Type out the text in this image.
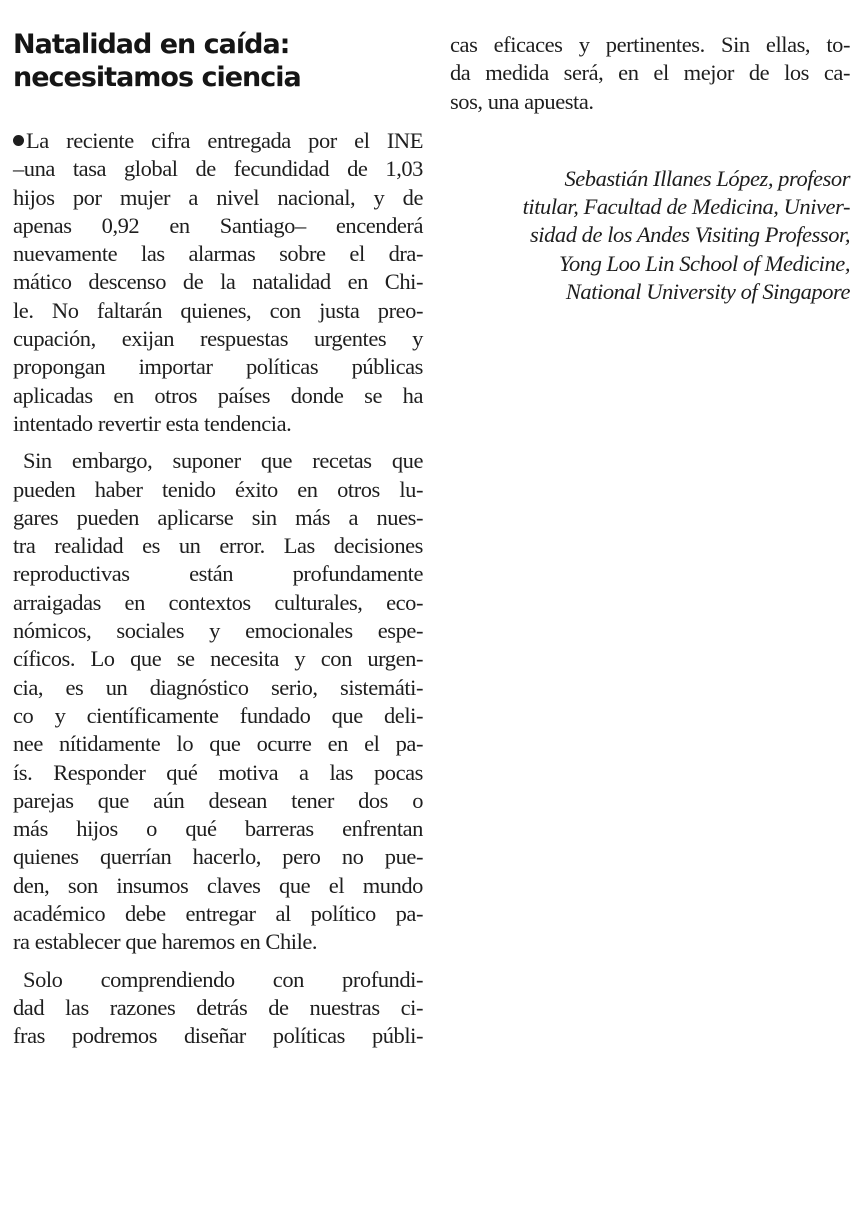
Natalidad en caída:
necesitamos ciencia
La reciente cifra entregada por el INE
–una tasa global de fecundidad de 1,03
hijos por mujer a nivel nacional, y de
apenas 0,92 en Santiago– encenderá
nuevamente las alarmas sobre el dra-
mático descenso de la natalidad en Chi-
le. No faltarán quienes, con justa preo-
cupación, exijan respuestas urgentes y
propongan importar políticas públicas
aplicadas en otros países donde se ha
intentado revertir esta tendencia.
Sin embargo, suponer que recetas que
pueden haber tenido éxito en otros lu-
gares pueden aplicarse sin más a nues-
tra realidad es un error. Las decisiones
reproductivas están profundamente
arraigadas en contextos culturales, eco-
nómicos, sociales y emocionales espe-
cíficos. Lo que se necesita y con urgen-
cia, es un diagnóstico serio, sistemáti-
co y científicamente fundado que deli-
nee nítidamente lo que ocurre en el pa-
ís. Responder qué motiva a las pocas
parejas que aún desean tener dos o
más hijos o qué barreras enfrentan
quienes querrían hacerlo, pero no pue-
den, son insumos claves que el mundo
académico debe entregar al político pa-
ra establecer que haremos en Chile.
Solo comprendiendo con profundi-
dad las razones detrás de nuestras ci-
fras podremos diseñar políticas públi-
cas eficaces y pertinentes. Sin ellas, to-
da medida será, en el mejor de los ca-
sos, una apuesta.
Sebastián Illanes López, profesor
titular, Facultad de Medicina, Univer-
sidad de los Andes Visiting Professor,
Yong Loo Lin School of Medicine,
National University of Singapore
